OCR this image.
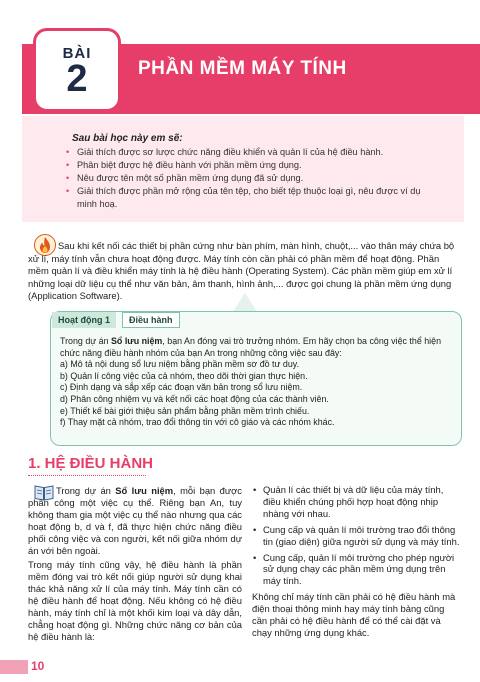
BÀI
2	PHẦN MỀM MÁY TÍNH
Sau bài học này em sẽ:
• Giải thích được sơ lược chức năng điều khiển và quản lí của hệ điều hành.
• Phân biệt được hệ điều hành với phần mềm ứng dụng.
• Nêu được tên một số phần mềm ứng dụng đã sử dụng.
• Giải thích được phần mở rộng của tên tệp, cho biết tệp thuộc loại gì, nêu được ví dụ minh hoạ.
Sau khi kết nối các thiết bị phần cứng như bàn phím, màn hình, chuột,... vào thân máy chứa bộ xử lí, máy tính vẫn chưa hoạt động được. Máy tính còn cần phải có phần mềm để hoạt động. Phần mềm quản lí và điều khiển máy tính là hệ điều hành (Operating System). Các phần mềm giúp em xử lí những loại dữ liệu cụ thể như văn bản, âm thanh, hình ảnh,... được gọi chung là phần mềm ứng dụng (Application Software).
Hoạt động 1	Điều hành
Trong dự án Sổ lưu niệm, bạn An đóng vai trò trưởng nhóm. Em hãy chọn ba công việc thể hiện chức năng điều hành nhóm của bạn An trong những công việc sau đây:
a) Mô tả nội dung sổ lưu niệm bằng phần mềm sơ đồ tư duy.
b) Quản lí công việc của cả nhóm, theo dõi thời gian thực hiện.
c) Định dạng và sắp xếp các đoạn văn bản trong sổ lưu niệm.
d) Phân công nhiệm vụ và kết nối các hoạt động của các thành viên.
e) Thiết kế bài giới thiệu sản phẩm bằng phần mềm trình chiếu.
f) Thay mặt cả nhóm, trao đổi thông tin với cô giáo và các nhóm khác.
1. HỆ ĐIỀU HÀNH

Trong dự án Sổ lưu niệm, mỗi bạn được phân công một việc cụ thể. Riêng bạn An, tuy không tham gia một việc cụ thể nào nhưng qua các hoạt động b, d và f, đã thực hiện chức năng điều phối công việc và con người, kết nối giữa nhóm dự án với bên ngoài.

Trong máy tính cũng vậy, hệ điều hành là phần mềm đóng vai trò kết nối giúp người sử dụng khai thác khả năng xử lí của máy tính. Máy tính cần có hệ điều hành để hoạt động. Nếu không có hệ điều hành, máy tính chỉ là một khối kim loại và dây dẫn, chẳng hoạt động gì. Những chức năng cơ bản của hệ điều hành là:

• Quản lí các thiết bị và dữ liệu của máy tính, điều khiển chúng phối hợp hoạt động nhịp nhàng với nhau.
• Cung cấp và quản lí môi trường trao đổi thông tin (giao diện) giữa người sử dụng và máy tính.
• Cung cấp, quản lí môi trường cho phép người sử dụng chạy các phần mềm ứng dụng trên máy tính.

Không chỉ máy tính cần phải có hệ điều hành mà điện thoại thông minh hay máy tính bảng cũng cần phải có hệ điều hành để có thể cài đặt và chạy những ứng dụng khác.

10
